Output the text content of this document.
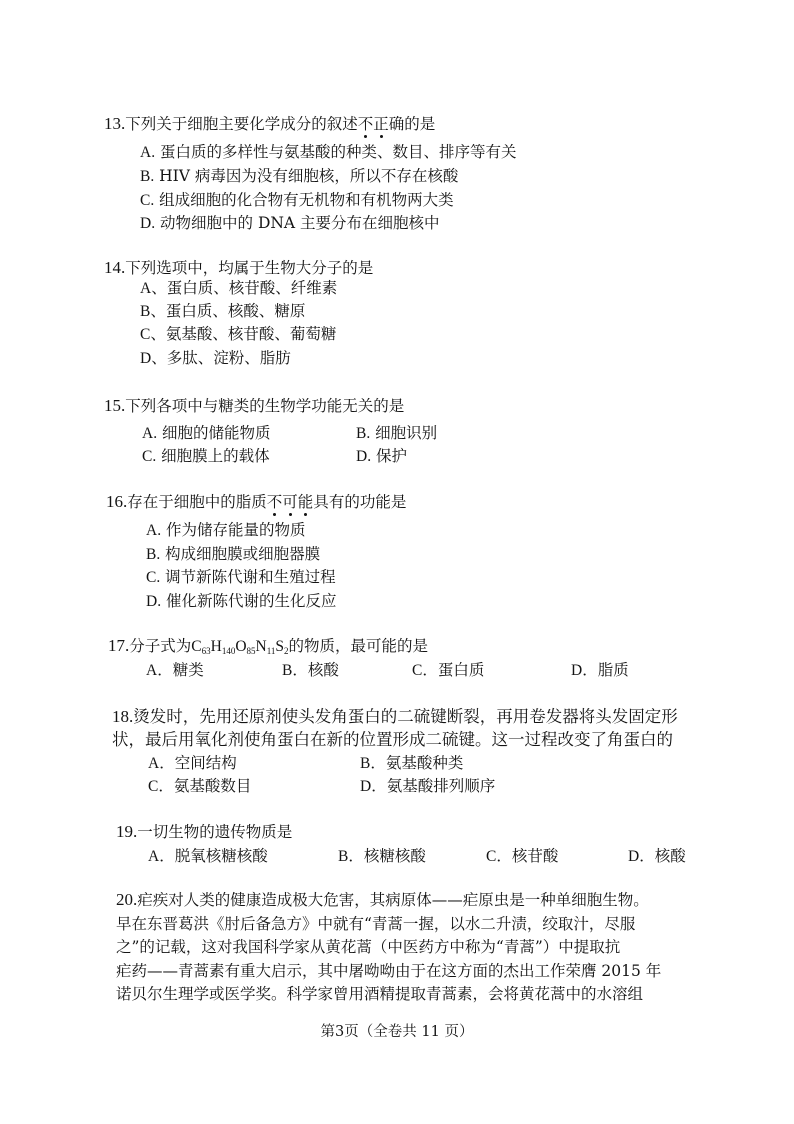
13.下列关于细胞主要化学成分的叙述不正确的是
A. 蛋白质的多样性与氨基酸的种类、数目、排序等有关
B. HIV 病毒因为没有细胞核，所以不存在核酸
C. 组成细胞的化合物有无机物和有机物两大类
D. 动物细胞中的 DNA 主要分布在细胞核中
14.下列选项中，均属于生物大分子的是
A、蛋白质、核苷酸、纤维素
B、蛋白质、核酸、糖原
C、氨基酸、核苷酸、葡萄糖
D、多肽、淀粉、脂肪
15.下列各项中与糖类的生物学功能无关的是
A. 细胞的储能物质	B. 细胞识别
C. 细胞膜上的载体	D. 保护
16.存在于细胞中的脂质不可能具有的功能是
A. 作为储存能量的物质
B. 构成细胞膜或细胞器膜
C. 调节新陈代谢和生殖过程
D. 催化新陈代谢的生化反应
17.分子式为$C_{63}H_{140}O_{85}N_{11}S_2$的物质，最可能的是
A．糖类	B．核酸	C．蛋白质	D．脂质
18.烫发时，先用还原剂使头发角蛋白的二硫键断裂，再用卷发器将头发固定形
状，最后用氧化剂使角蛋白在新的位置形成二硫键。这一过程改变了角蛋白的
A．空间结构	B．氨基酸种类
C．氨基酸数目	D．氨基酸排列顺序
19.一切生物的遗传物质是
A．脱氧核糖核酸	B．核糖核酸	C．核苷酸	D．核酸
20.疟疾对人类的健康造成极大危害，其病原体——疟原虫是一种单细胞生物。
早在东晋葛洪《肘后备急方》中就有“青蒿一握，以水二升渍，绞取汁，尽服
之”的记载，这对我国科学家从黄花蒿（中医药方中称为“青蒿”）中提取抗
疟药——青蒿素有重大启示，其中屠呦呦由于在这方面的杰出工作荣膺 2015 年
诺贝尔生理学或医学奖。科学家曾用酒精提取青蒿素，会将黄花蒿中的水溶组
第3页（全卷共 11 页）
